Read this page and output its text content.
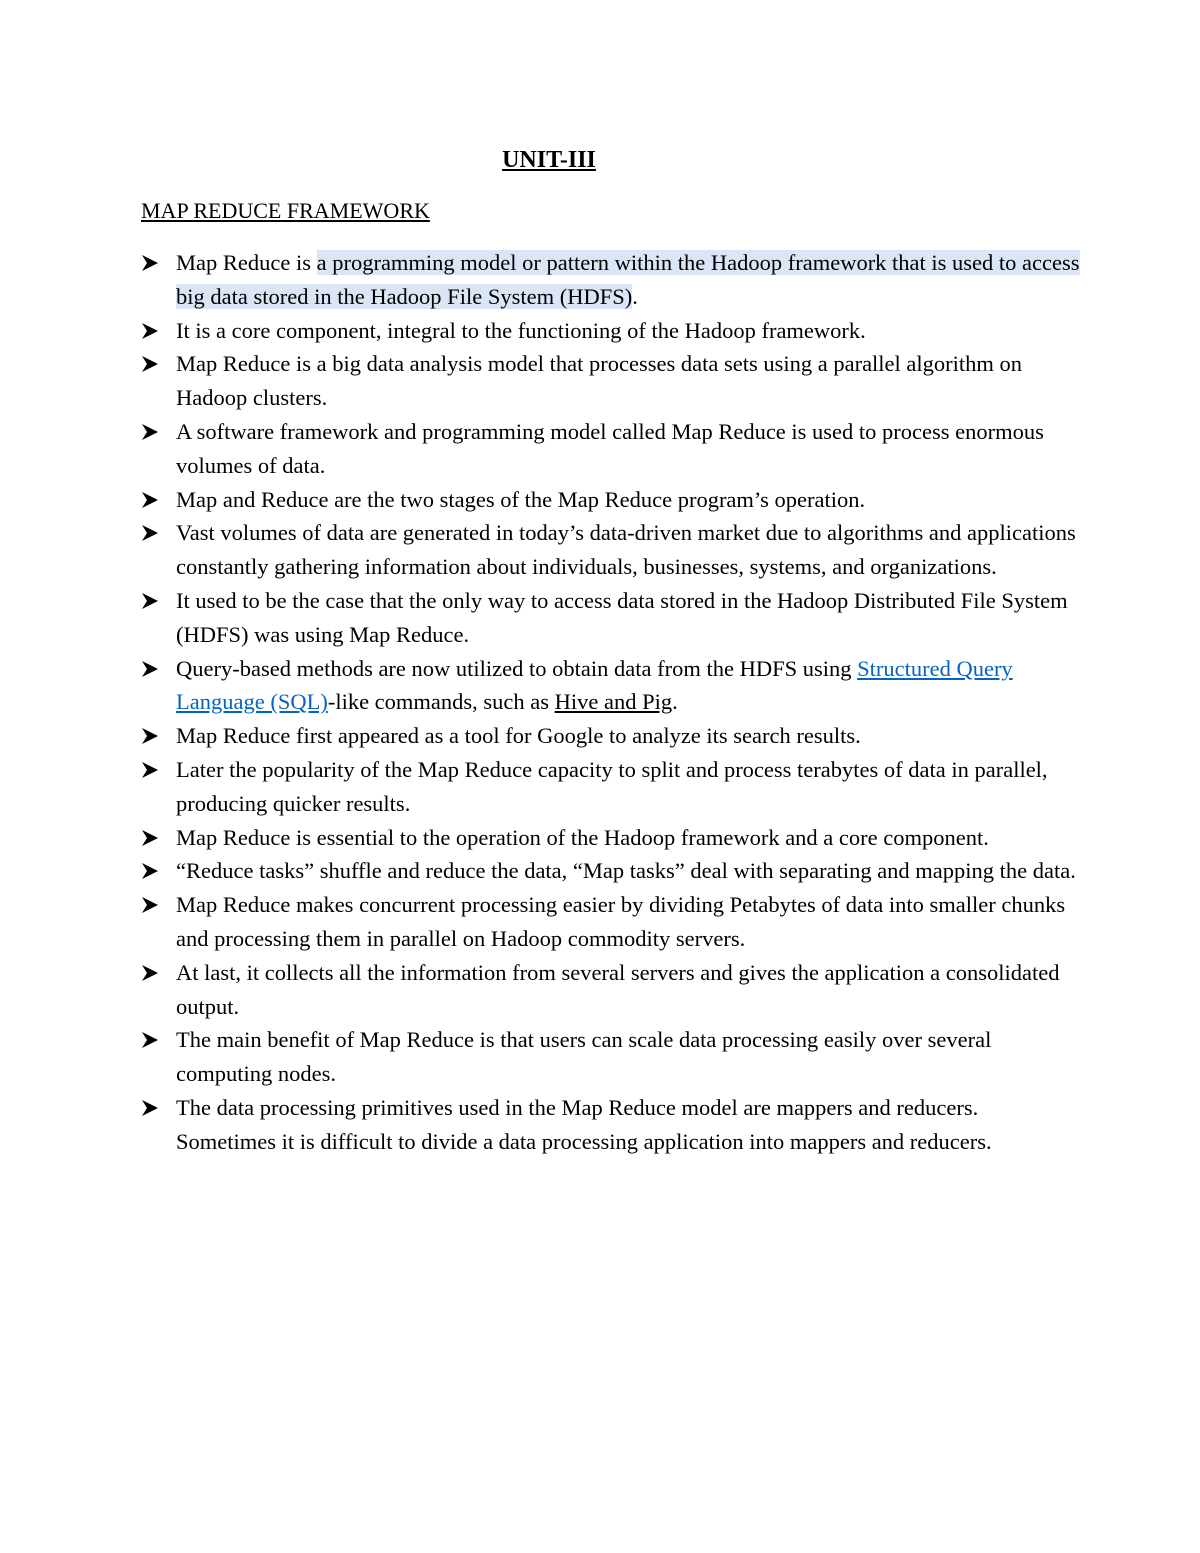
UNIT-III
MAP REDUCE FRAMEWORK
Map Reduce is a programming model or pattern within the Hadoop framework that is used to access big data stored in the Hadoop File System (HDFS).
It is a core component, integral to the functioning of the Hadoop framework.
Map Reduce is a big data analysis model that processes data sets using a parallel algorithm on Hadoop clusters.
A software framework and programming model called Map Reduce is used to process enormous volumes of data.
Map and Reduce are the two stages of the Map Reduce program’s operation.
Vast volumes of data are generated in today’s data-driven market due to algorithms and applications constantly gathering information about individuals, businesses, systems, and organizations.
It used to be the case that the only way to access data stored in the Hadoop Distributed File System (HDFS) was using Map Reduce.
Query-based methods are now utilized to obtain data from the HDFS using Structured Query Language (SQL)-like commands, such as Hive and Pig.
Map Reduce first appeared as a tool for Google to analyze its search results.
Later the popularity of the Map Reduce capacity to split and process terabytes of data in parallel, producing quicker results.
Map Reduce is essential to the operation of the Hadoop framework and a core component.
“Reduce tasks” shuffle and reduce the data, “Map tasks” deal with separating and mapping the data.
Map Reduce makes concurrent processing easier by dividing Petabytes of data into smaller chunks and processing them in parallel on Hadoop commodity servers.
At last, it collects all the information from several servers and gives the application a consolidated output.
The main benefit of Map Reduce is that users can scale data processing easily over several computing nodes.
The data processing primitives used in the Map Reduce model are mappers and reducers. Sometimes it is difficult to divide a data processing application into mappers and reducers.
